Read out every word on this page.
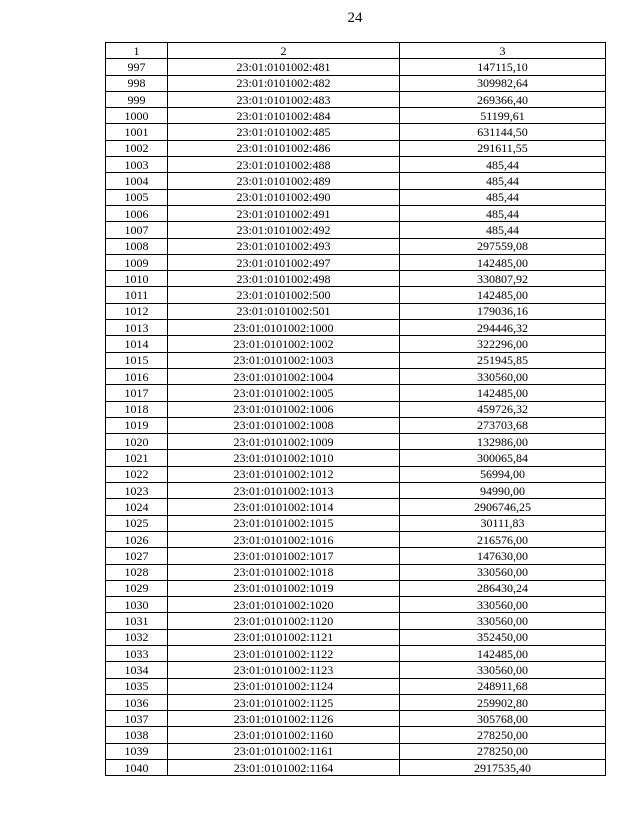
24
1	2	3
997	23:01:0101002:481	147115,10
998	23:01:0101002:482	309982,64
999	23:01:0101002:483	269366,40
1000	23:01:0101002:484	51199,61
1001	23:01:0101002:485	631144,50
1002	23:01:0101002:486	291611,55
1003	23:01:0101002:488	485,44
1004	23:01:0101002:489	485,44
1005	23:01:0101002:490	485,44
1006	23:01:0101002:491	485,44
1007	23:01:0101002:492	485,44
1008	23:01:0101002:493	297559,08
1009	23:01:0101002:497	142485,00
1010	23:01:0101002:498	330807,92
1011	23:01:0101002:500	142485,00
1012	23:01:0101002:501	179036,16
1013	23:01:0101002:1000	294446,32
1014	23:01:0101002:1002	322296,00
1015	23:01:0101002:1003	251945,85
1016	23:01:0101002:1004	330560,00
1017	23:01:0101002:1005	142485,00
1018	23:01:0101002:1006	459726,32
1019	23:01:0101002:1008	273703,68
1020	23:01:0101002:1009	132986,00
1021	23:01:0101002:1010	300065,84
1022	23:01:0101002:1012	56994,00
1023	23:01:0101002:1013	94990,00
1024	23:01:0101002:1014	2906746,25
1025	23:01:0101002:1015	30111,83
1026	23:01:0101002:1016	216576,00
1027	23:01:0101002:1017	147630,00
1028	23:01:0101002:1018	330560,00
1029	23:01:0101002:1019	286430,24
1030	23:01:0101002:1020	330560,00
1031	23:01:0101002:1120	330560,00
1032	23:01:0101002:1121	352450,00
1033	23:01:0101002:1122	142485,00
1034	23:01:0101002:1123	330560,00
1035	23:01:0101002:1124	248911,68
1036	23:01:0101002:1125	259902,80
1037	23:01:0101002:1126	305768,00
1038	23:01:0101002:1160	278250,00
1039	23:01:0101002:1161	278250,00
1040	23:01:0101002:1164	2917535,40
